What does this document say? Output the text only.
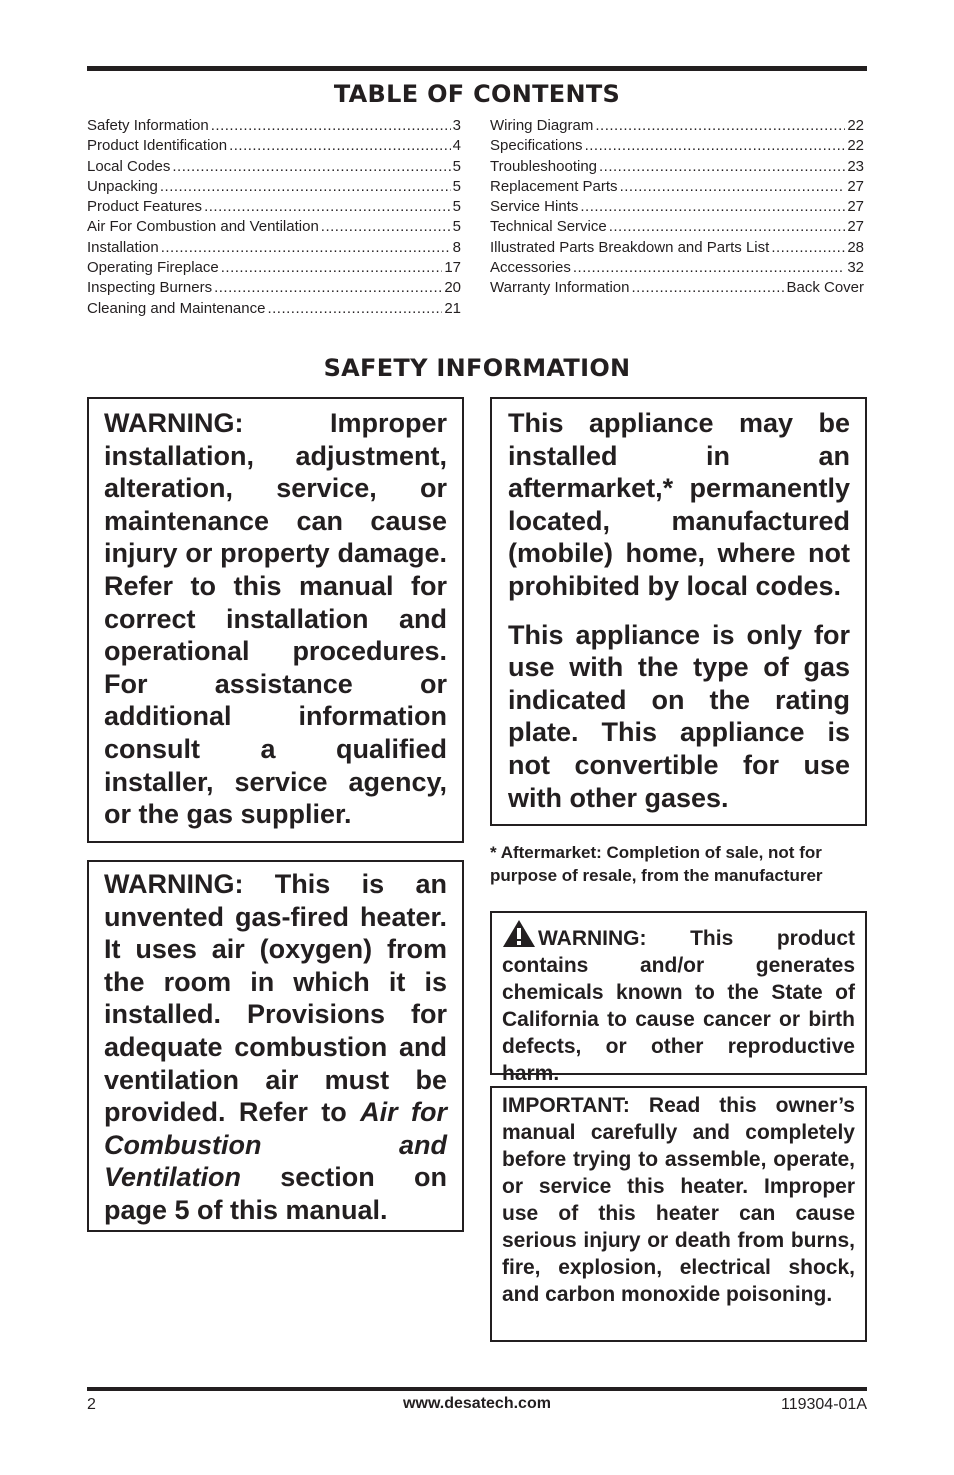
TABLE OF CONTENTS
Safety Information .....	3
Product Identification .....	4
Local Codes .....	5
Unpacking .....	5
Product Features .....	5
Air For Combustion and Ventilation .....	5
Installation .....	8
Operating Fireplace .....	17
Inspecting Burners .....	20
Cleaning and Maintenance .....	21
Wiring Diagram .....	22
Specifications .....	22
Troubleshooting .....	23
Replacement Parts .....	27
Service Hints .....	27
Technical Service .....	27
Illustrated Parts Breakdown and Parts List .....	28
Accessories .....	32
Warranty Information .....	Back Cover
SAFETY INFORMATION

WARNING: Improper installation, adjustment, alteration, service, or maintenance can cause injury or property damage. Refer to this manual for correct installation and operational procedures. For assistance or additional information consult a qualified installer, service agency, or the gas supplier.

WARNING: This is an unvented gas-fired heater. It uses air (oxygen) from the room in which it is installed. Provisions for adequate combustion and ventilation air must be provided. Refer to Air for Combustion and Ventilation section on page 5 of this manual.

This appliance may be installed in an aftermarket,* permanently located, manufactured (mobile) home, where not prohibited by local codes.

This appliance is only for use with the type of gas indicated on the rating plate. This appliance is not convertible for use with other gases.

* Aftermarket: Completion of sale, not for purpose of resale, from the manufacturer

WARNING: This product contains and/or generates chemicals known to the State of California to cause cancer or birth defects, or other reproductive harm.

IMPORTANT: Read this owner’s manual carefully and completely before trying to assemble, operate, or service this heater. Improper use of this heater can cause serious injury or death from burns, fire, explosion, electrical shock, and carbon monoxide poisoning.

2	www.desatech.com	119304-01A
